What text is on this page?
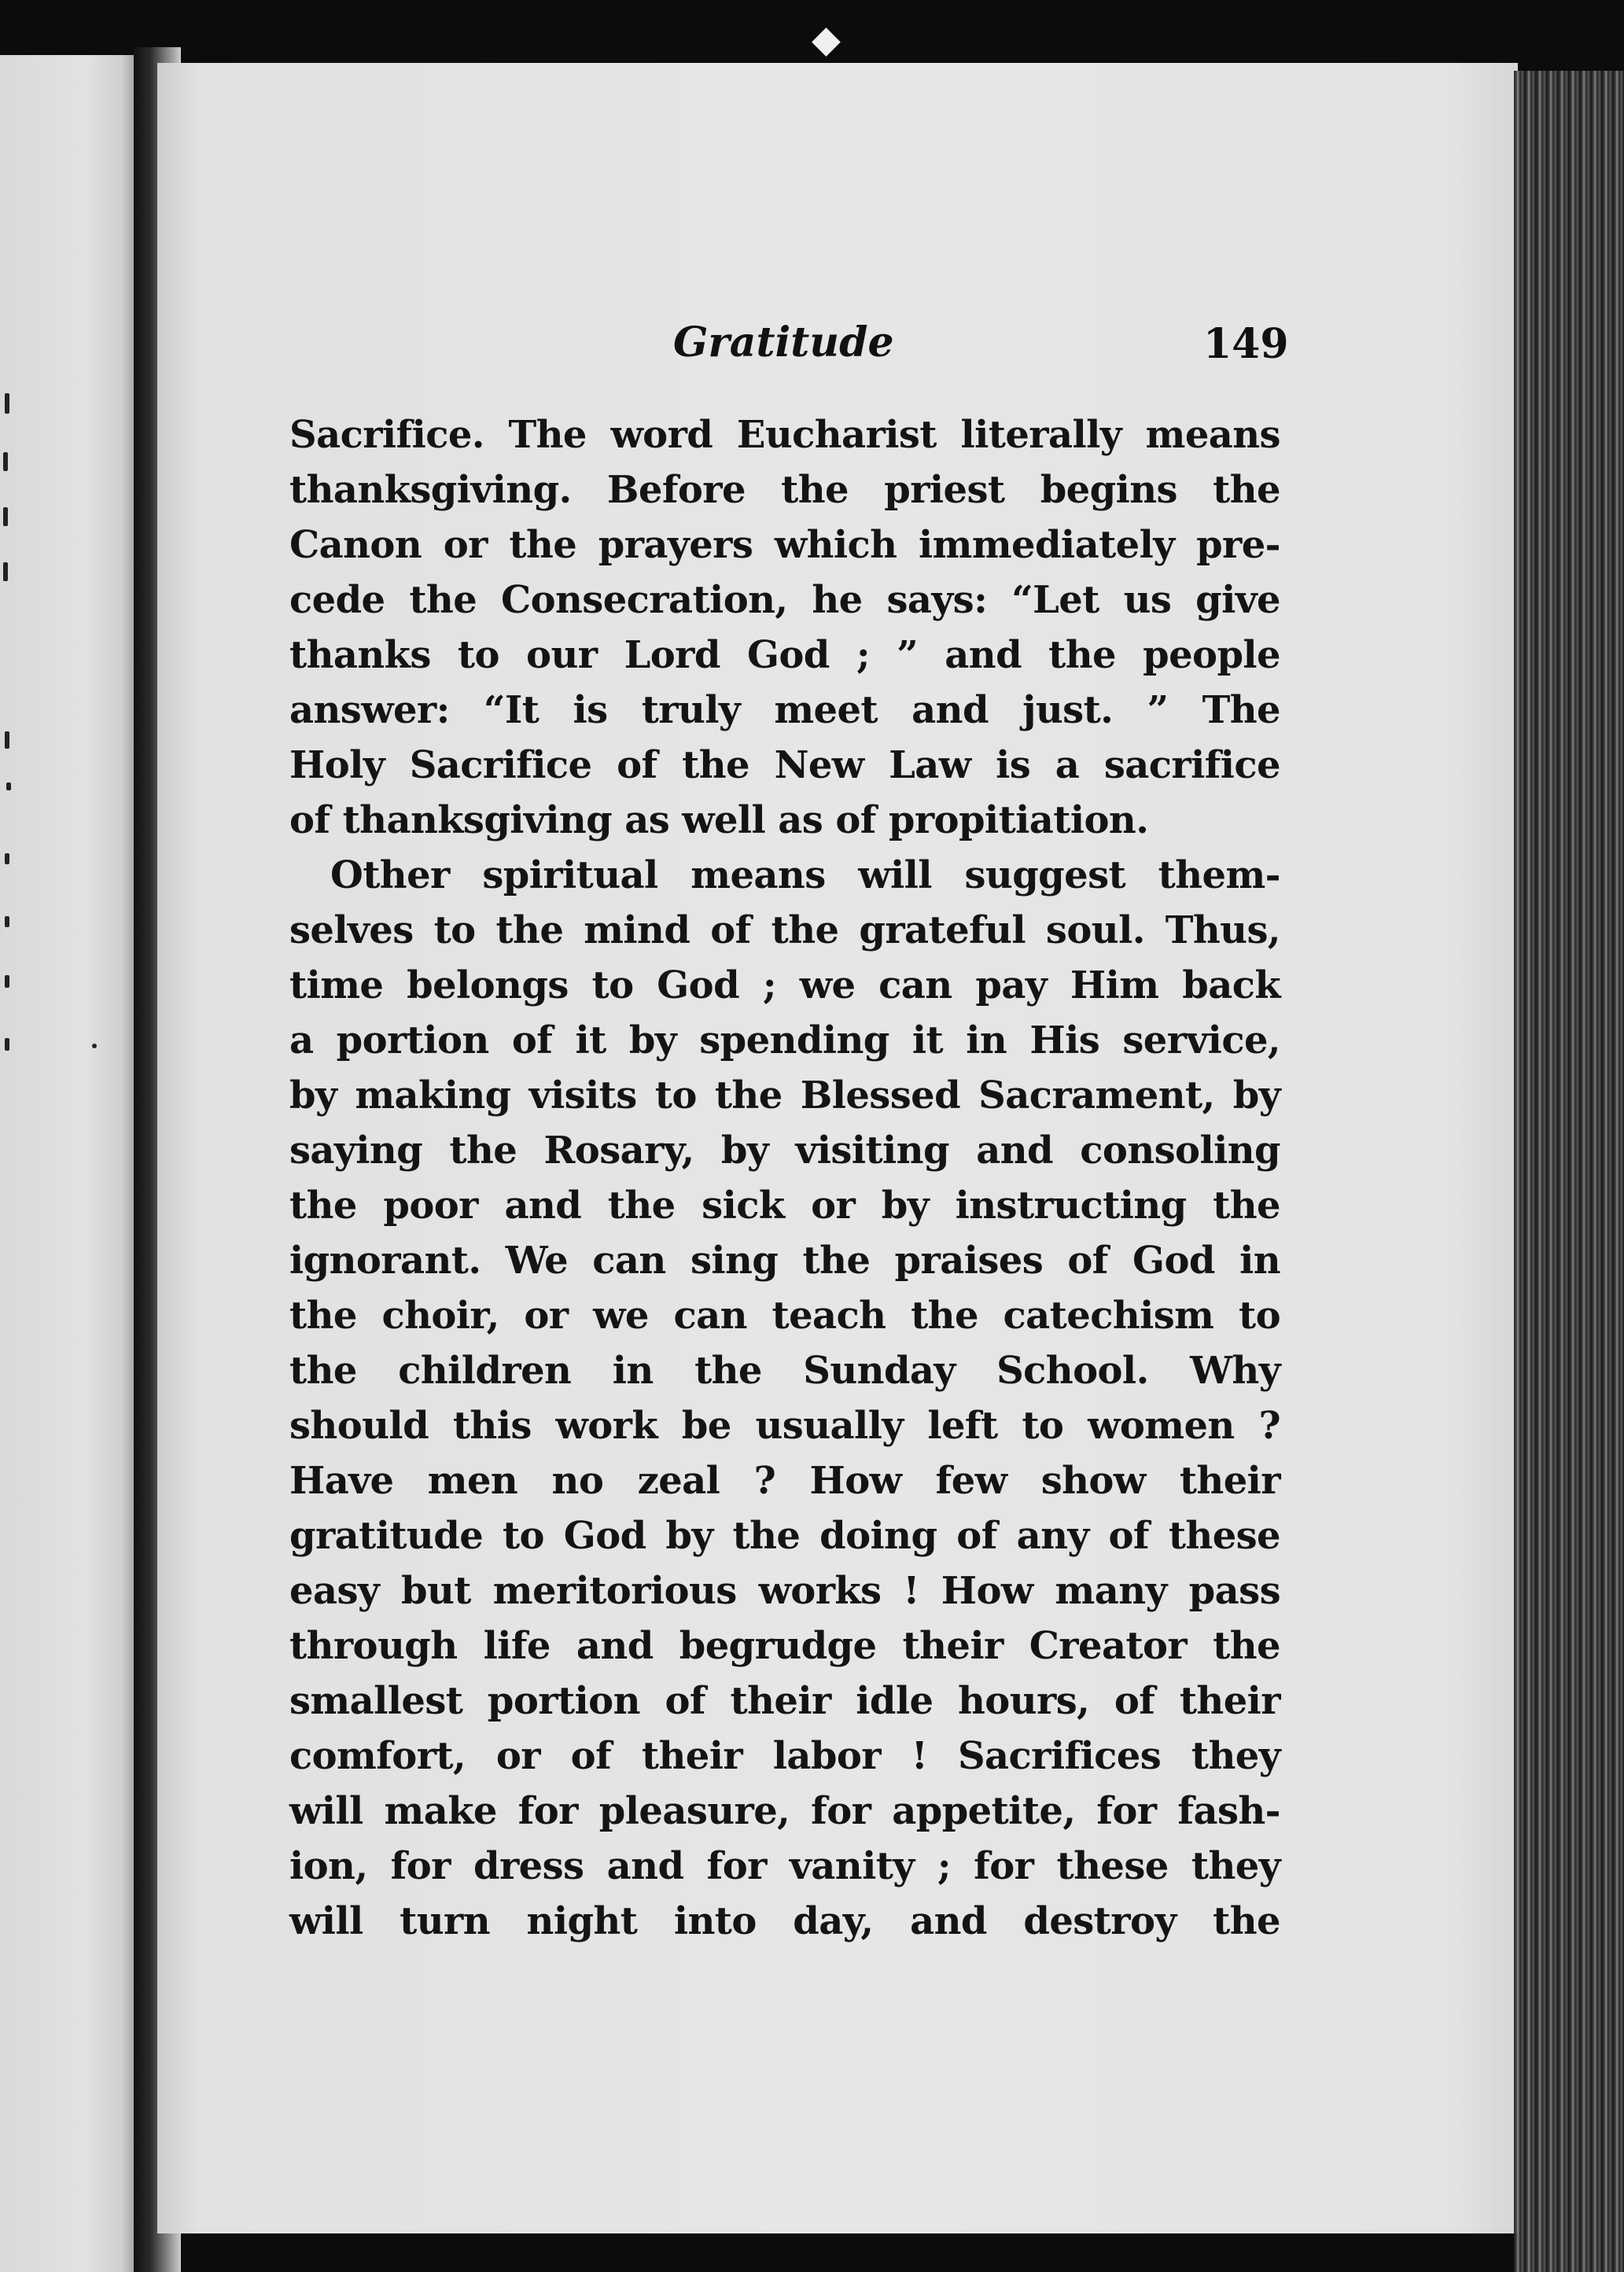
Gratitude	149
Sacrifice. The word Eucharist literally means
thanksgiving. Before the priest begins the
Canon or the prayers which immediately pre-
cede the Consecration, he says: “Let us give
thanks to our Lord God ; ” and the people
answer: “It is truly meet and just. ” The
Holy Sacrifice of the New Law is a sacrifice
of thanksgiving as well as of propitiation.
Other spiritual means will suggest them-
selves to the mind of the grateful soul. Thus,
time belongs to God ; we can pay Him back
a portion of it by spending it in His service,
by making visits to the Blessed Sacrament, by
saying the Rosary, by visiting and consoling
the poor and the sick or by instructing the
ignorant. We can sing the praises of God in
the choir, or we can teach the catechism to
the children in the Sunday School. Why
should this work be usually left to women ?
Have men no zeal ? How few show their
gratitude to God by the doing of any of these
easy but meritorious works ! How many pass
through life and begrudge their Creator the
smallest portion of their idle hours, of their
comfort, or of their labor ! Sacrifices they
will make for pleasure, for appetite, for fash-
ion, for dress and for vanity ; for these they
will turn night into day, and destroy the
◆
